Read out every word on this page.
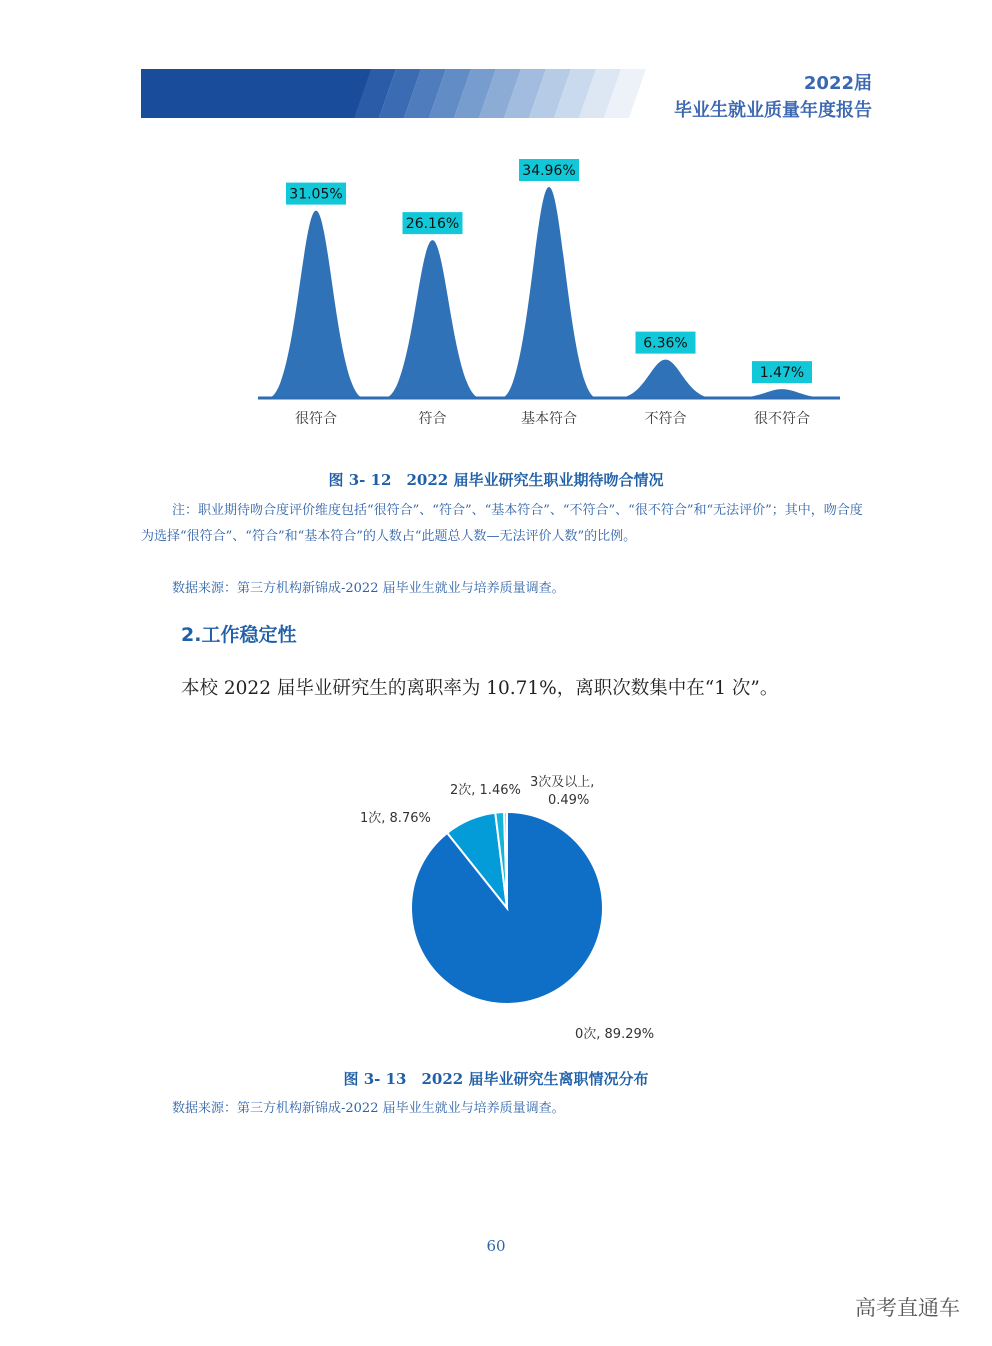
2022届
毕业生就业质量年度报告
31.05%
26.16%
34.96%
6.36%
1.47%
很符合	符合	基本符合	不符合	很不符合
图 3- 12　2022 届毕业研究生职业期待吻合情况
注：职业期待吻合度评价维度包括“很符合”、“符合”、“基本符合”、“不符合”、“很不符合”和“无法评价”；其中，吻合度为选择“很符合”、“符合”和“基本符合”的人数占“此题总人数—无法评价人数”的比例。
数据来源：第三方机构新锦成-2022 届毕业生就业与培养质量调查。
2.工作稳定性
本校 2022 届毕业研究生的离职率为 10.71%，离职次数集中在“1 次”。
0次, 89.29%
1次, 8.76%
2次, 1.46%
3次及以上,
0.49%
图 3- 13　2022 届毕业研究生离职情况分布
数据来源：第三方机构新锦成-2022 届毕业生就业与培养质量调查。
60
高考直通车
